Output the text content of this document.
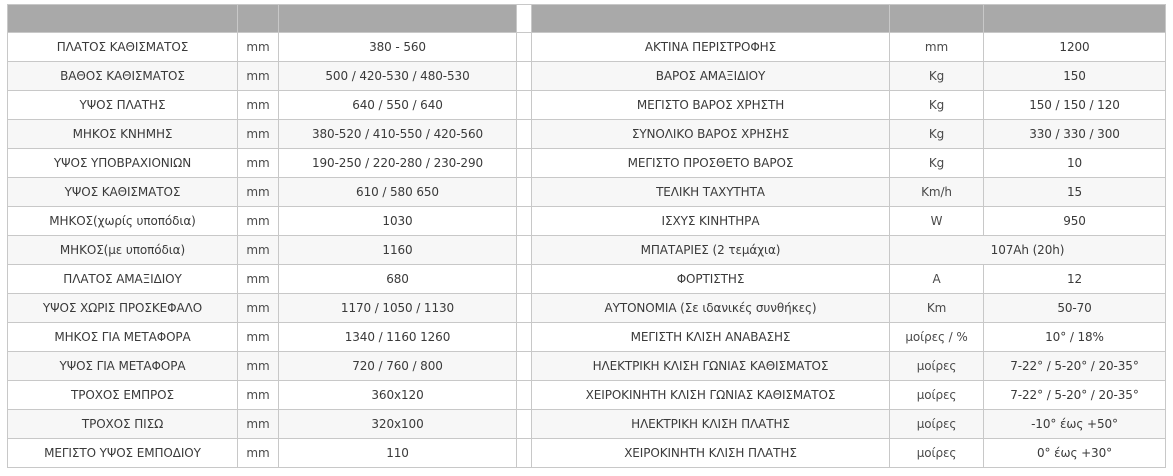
ΠΛΑΤΟΣ ΚΑΘΙΣΜΑΤΟΣ	mm	380 - 560		ΑΚΤΙΝΑ ΠΕΡΙΣΤΡΟΦΗΣ	mm	1200
ΒΑΘΟΣ ΚΑΘΙΣΜΑΤΟΣ	mm	500 / 420-530 / 480-530		ΒΑΡΟΣ ΑΜΑΞΙΔΙΟΥ	Kg	150
ΥΨΟΣ ΠΛΑΤΗΣ	mm	640 / 550 / 640		ΜΕΓΙΣΤΟ ΒΑΡΟΣ ΧΡΗΣΤΗ	Kg	150 / 150 / 120
ΜΗΚΟΣ ΚΝΗΜΗΣ	mm	380-520 / 410-550 / 420-560		ΣΥΝΟΛΙΚΟ ΒΑΡΟΣ ΧΡΗΣΗΣ	Kg	330 / 330 / 300
ΥΨΟΣ ΥΠΟΒΡΑΧΙΟΝΙΩΝ	mm	190-250 / 220-280 / 230-290		ΜΕΓΙΣΤΟ ΠΡΟΣΘΕΤΟ ΒΑΡΟΣ	Kg	10
ΥΨΟΣ ΚΑΘΙΣΜΑΤΟΣ	mm	610 / 580 650		ΤΕΛΙΚΗ ΤΑΧΥΤΗΤΑ	Km/h	15
ΜΗΚΟΣ(χωρίς υποπόδια)	mm	1030		ΙΣΧΥΣ ΚΙΝΗΤΗΡΑ	W	950
ΜΗΚΟΣ(με υποπόδια)	mm	1160		ΜΠΑΤΑΡΙΕΣ (2 τεμάχια)	107Ah (20h)	
ΠΛΑΤΟΣ ΑΜΑΞΙΔΙΟΥ	mm	680		ΦΟΡΤΙΣΤΗΣ	A	12
ΥΨΟΣ ΧΩΡΙΣ ΠΡΟΣΚΕΦΑΛΟ	mm	1170 / 1050 / 1130		ΑΥΤΟΝΟΜΙΑ (Σε ιδανικές συνθήκες)	Km	50-70
ΜΗΚΟΣ ΓΙΑ ΜΕΤΑΦΟΡΑ	mm	1340 / 1160 1260		ΜΕΓΙΣΤΗ ΚΛΙΣΗ ΑΝΑΒΑΣΗΣ	μοίρες / %	10° / 18%
ΥΨΟΣ ΓΙΑ ΜΕΤΑΦΟΡΑ	mm	720 / 760 / 800		ΗΛΕΚΤΡΙΚΗ ΚΛΙΣΗ ΓΩΝΙΑΣ ΚΑΘΙΣΜΑΤΟΣ	μοίρες	7-22° / 5-20° / 20-35°
ΤΡΟΧΟΣ ΕΜΠΡΟΣ	mm	360x120		ΧΕΙΡΟΚΙΝΗΤΗ ΚΛΙΣΗ ΓΩΝΙΑΣ ΚΑΘΙΣΜΑΤΟΣ	μοίρες	7-22° / 5-20° / 20-35°
ΤΡΟΧΟΣ ΠΙΣΩ	mm	320x100		ΗΛΕΚΤΡΙΚΗ ΚΛΙΣΗ ΠΛΑΤΗΣ	μοίρες	-10° έως +50°
ΜΕΓΙΣΤΟ ΥΨΟΣ ΕΜΠΟΔΙΟΥ	mm	110		ΧΕΙΡΟΚΙΝΗΤΗ ΚΛΙΣΗ ΠΛΑΤΗΣ	μοίρες	0° έως +30°
